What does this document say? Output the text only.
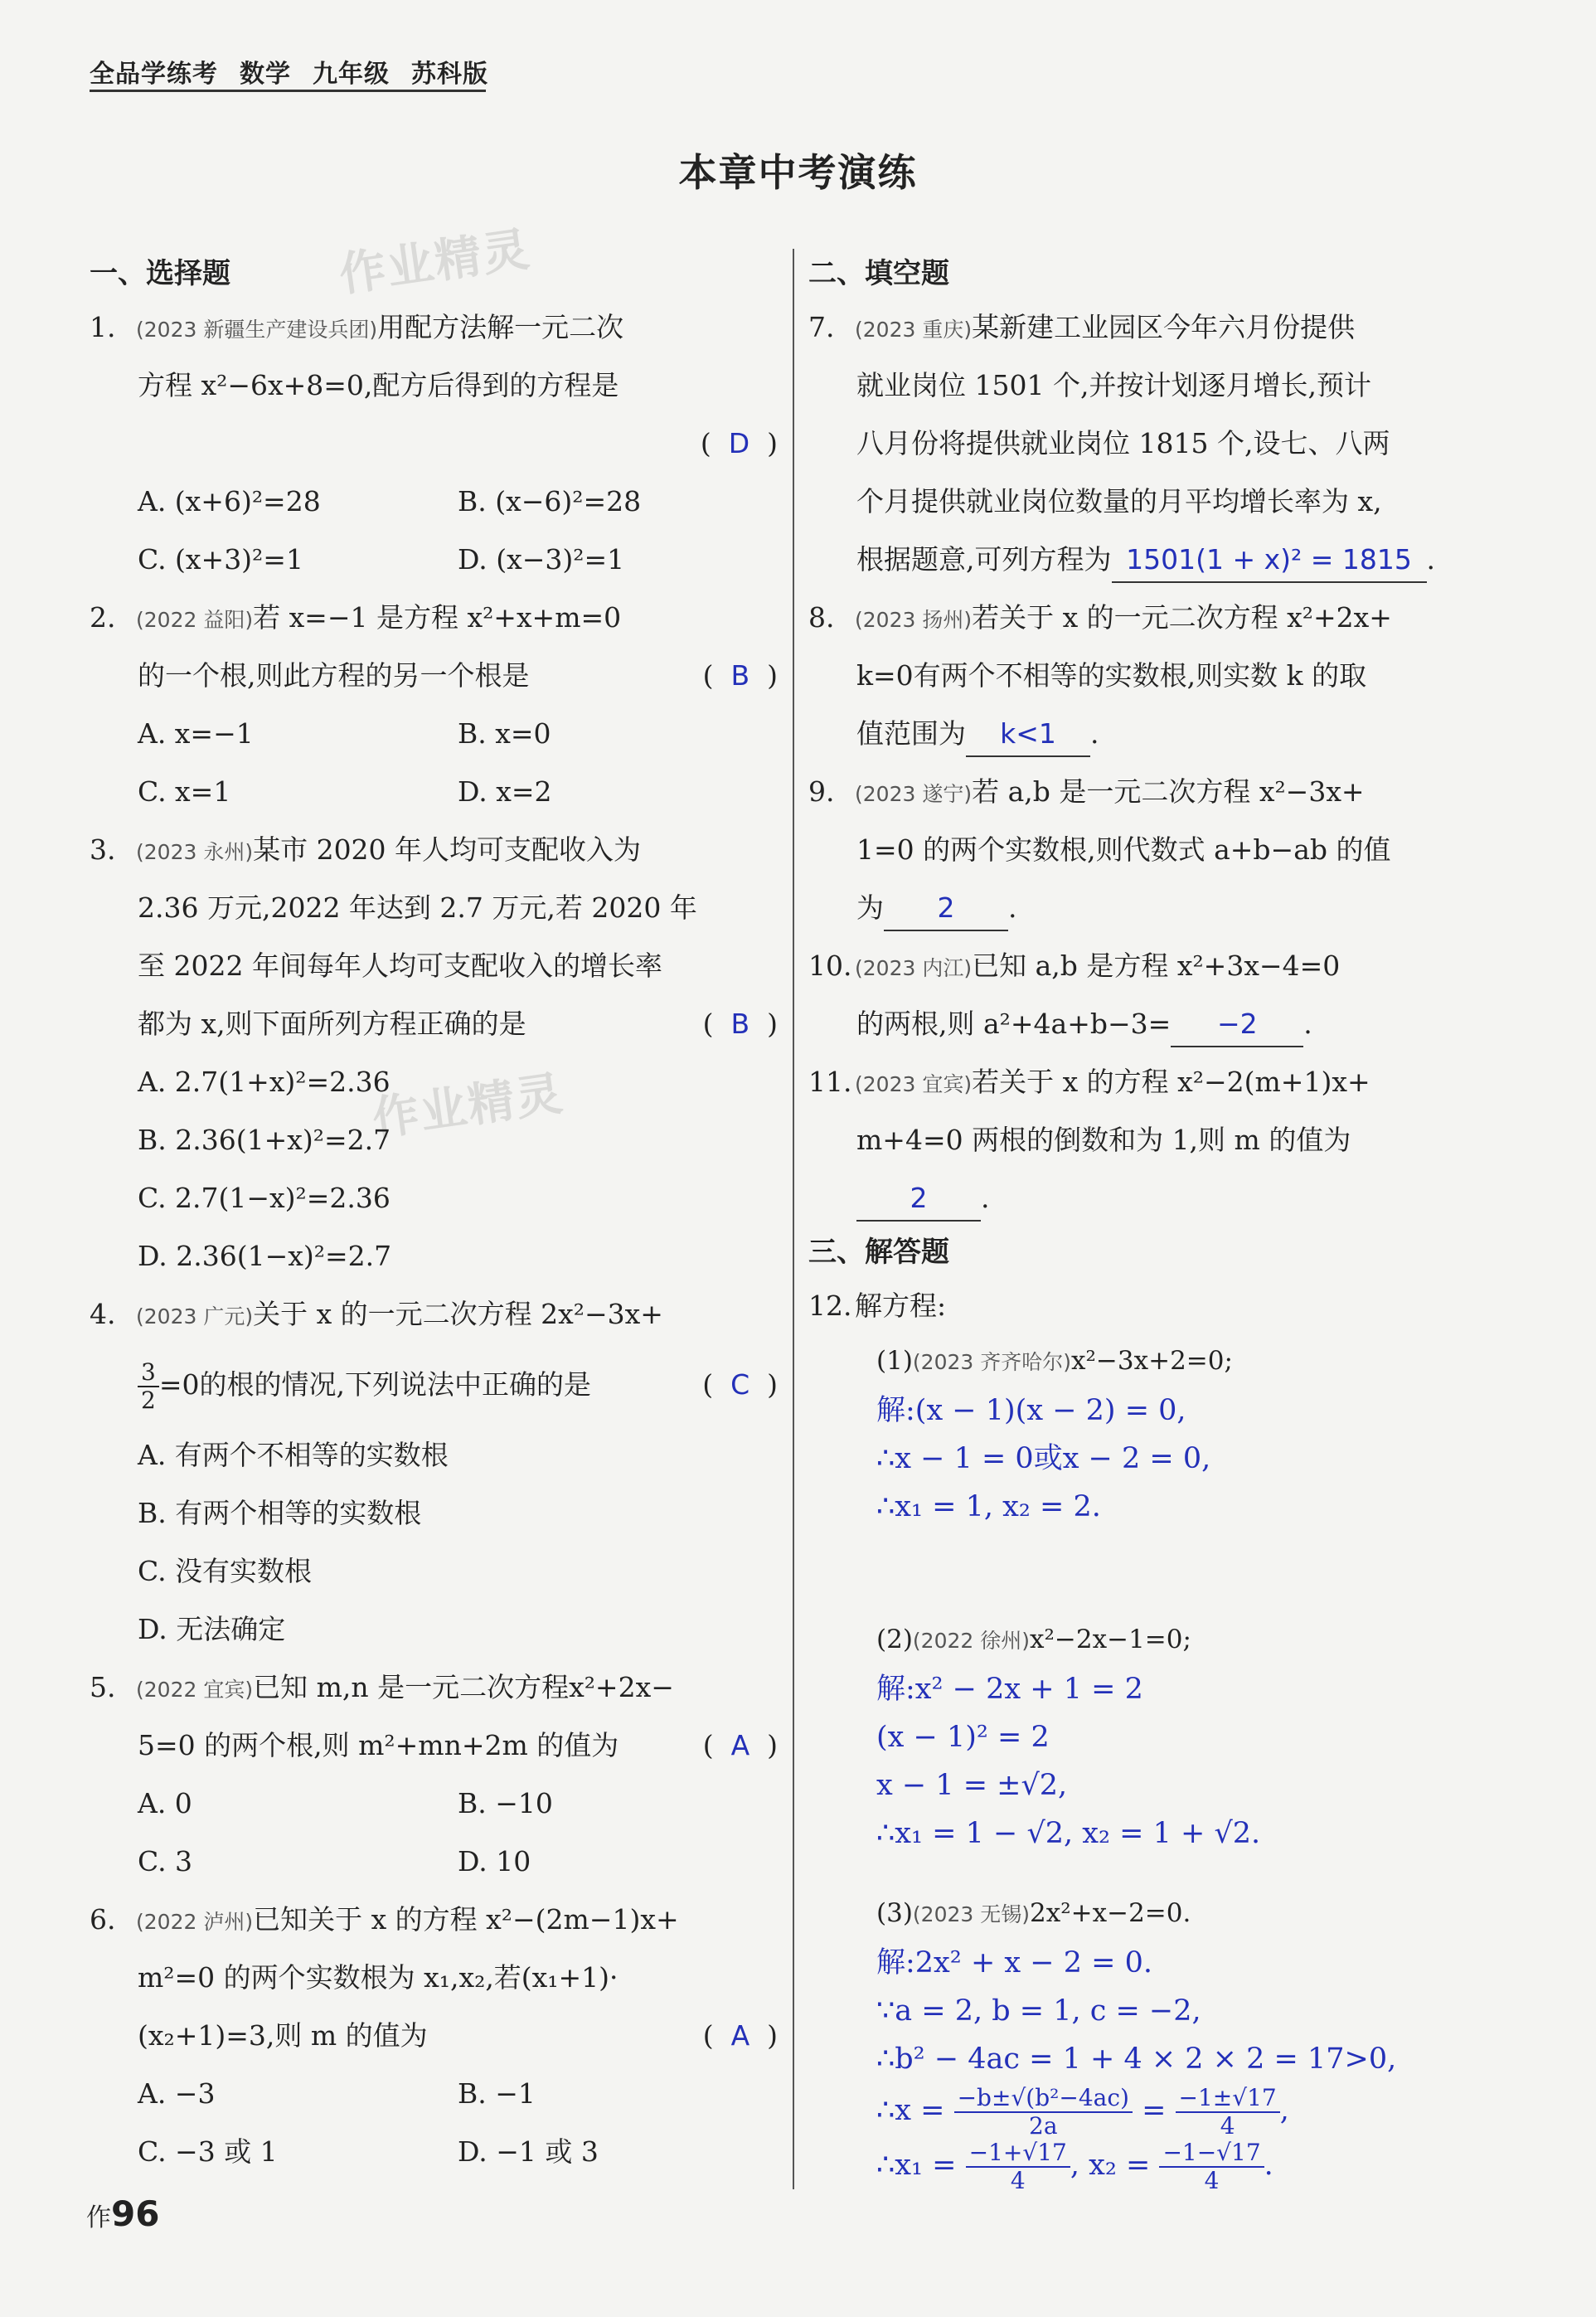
全品学练考 数学 九年级 苏科版
本章中考演练
作业精灵
作业精灵
一、选择题
1. (2023 新疆生产建设兵团)用配方法解一元二次
方程 x²−6x+8=0,配方后得到的方程是
(  D  )
A. (x+6)²=28	B. (x−6)²=28
C. (x+3)²=1	D. (x−3)²=1
2. (2022 益阳)若 x=−1 是方程 x²+x+m=0
的一个根,则此方程的另一个根是	(  B  )
A. x=−1	B. x=0
C. x=1	D. x=2
3. (2023 永州)某市 2020 年人均可支配收入为
2.36 万元,2022 年达到 2.7 万元,若 2020 年
至 2022 年间每年人均可支配收入的增长率
都为 x,则下面所列方程正确的是	(  B  )
A. 2.7(1+x)²=2.36
B. 2.36(1+x)²=2.7
C. 2.7(1−x)²=2.36
D. 2.36(1−x)²=2.7
4. (2023 广元)关于 x 的一元二次方程 2x²−3x+
$\frac{3}{2} =0$的根的情况,下列说法中正确的是	(  C  )
A. 有两个不相等的实数根
B. 有两个相等的实数根
C. 没有实数根
D. 无法确定
5. (2022 宜宾)已知 m,n 是一元二次方程x²+2x−
5=0 的两个根,则 m²+mn+2m 的值为	(  A  )
A. 0	B. −10
C. 3	D. 10
6. (2022 泸州)已知关于 x 的方程 x²−(2m−1)x+
m²=0 的两个实数根为 x₁,x₂,若(x₁+1)·
(x₂+1)=3,则 m 的值为	(  A  )
A. −3	B. −1
C. −3 或 1	D. −1 或 3
二、填空题
7. (2023 重庆)某新建工业园区今年六月份提供
就业岗位 1501 个,并按计划逐月增长,预计
八月份将提供就业岗位 1815 个,设七、八两
个月提供就业岗位数量的月平均增长率为 x,
根据题意,可列方程为 1501(1 + x)² = 1815 .
8. (2023 扬州)若关于 x 的一元二次方程 x²+2x+
k=0有两个不相等的实数根,则实数 k 的取
值范围为 k<1 .
9. (2023 遂宁)若 a,b 是一元二次方程 x²−3x+
1=0 的两个实数根,则代数式 a+b−ab 的值
为 2 .
10. (2023 内江)已知 a,b 是方程 x²+3x−4=0
的两根,则 a²+4a+b−3= −2 .
11. (2023 宜宾)若关于 x 的方程 x²−2(m+1)x+
m+4=0 两根的倒数和为 1,则 m 的值为
2 .
三、解答题
12. 解方程:
(1)(2023 齐齐哈尔)x²−3x+2=0;
解:(x − 1)(x − 2) = 0,
∴x − 1 = 0或x − 2 = 0,
∴x₁ = 1, x₂ = 2.
(2)(2022 徐州)x²−2x−1=0;
解:x² − 2x + 1 = 2
(x − 1)² = 2
x − 1 = ±√2,
∴x₁ = 1 − √2, x₂ = 1 + √2.
(3)(2023 无锡)2x²+x−2=0.
解:2x² + x − 2 = 0.
∵a = 2, b = 1, c = −2,
∴b² − 4ac = 1 + 4 × 2 × 2 = 17>0,
∴x = $\frac{\text{−b±√(b²−4ac)}}{2a} = \frac{-1\pm√17}{4}$ ,
∴x₁ = $\frac{-1+√17}{4}$ , $x_2 = \frac{-1-√17}{4}$ .
作96
